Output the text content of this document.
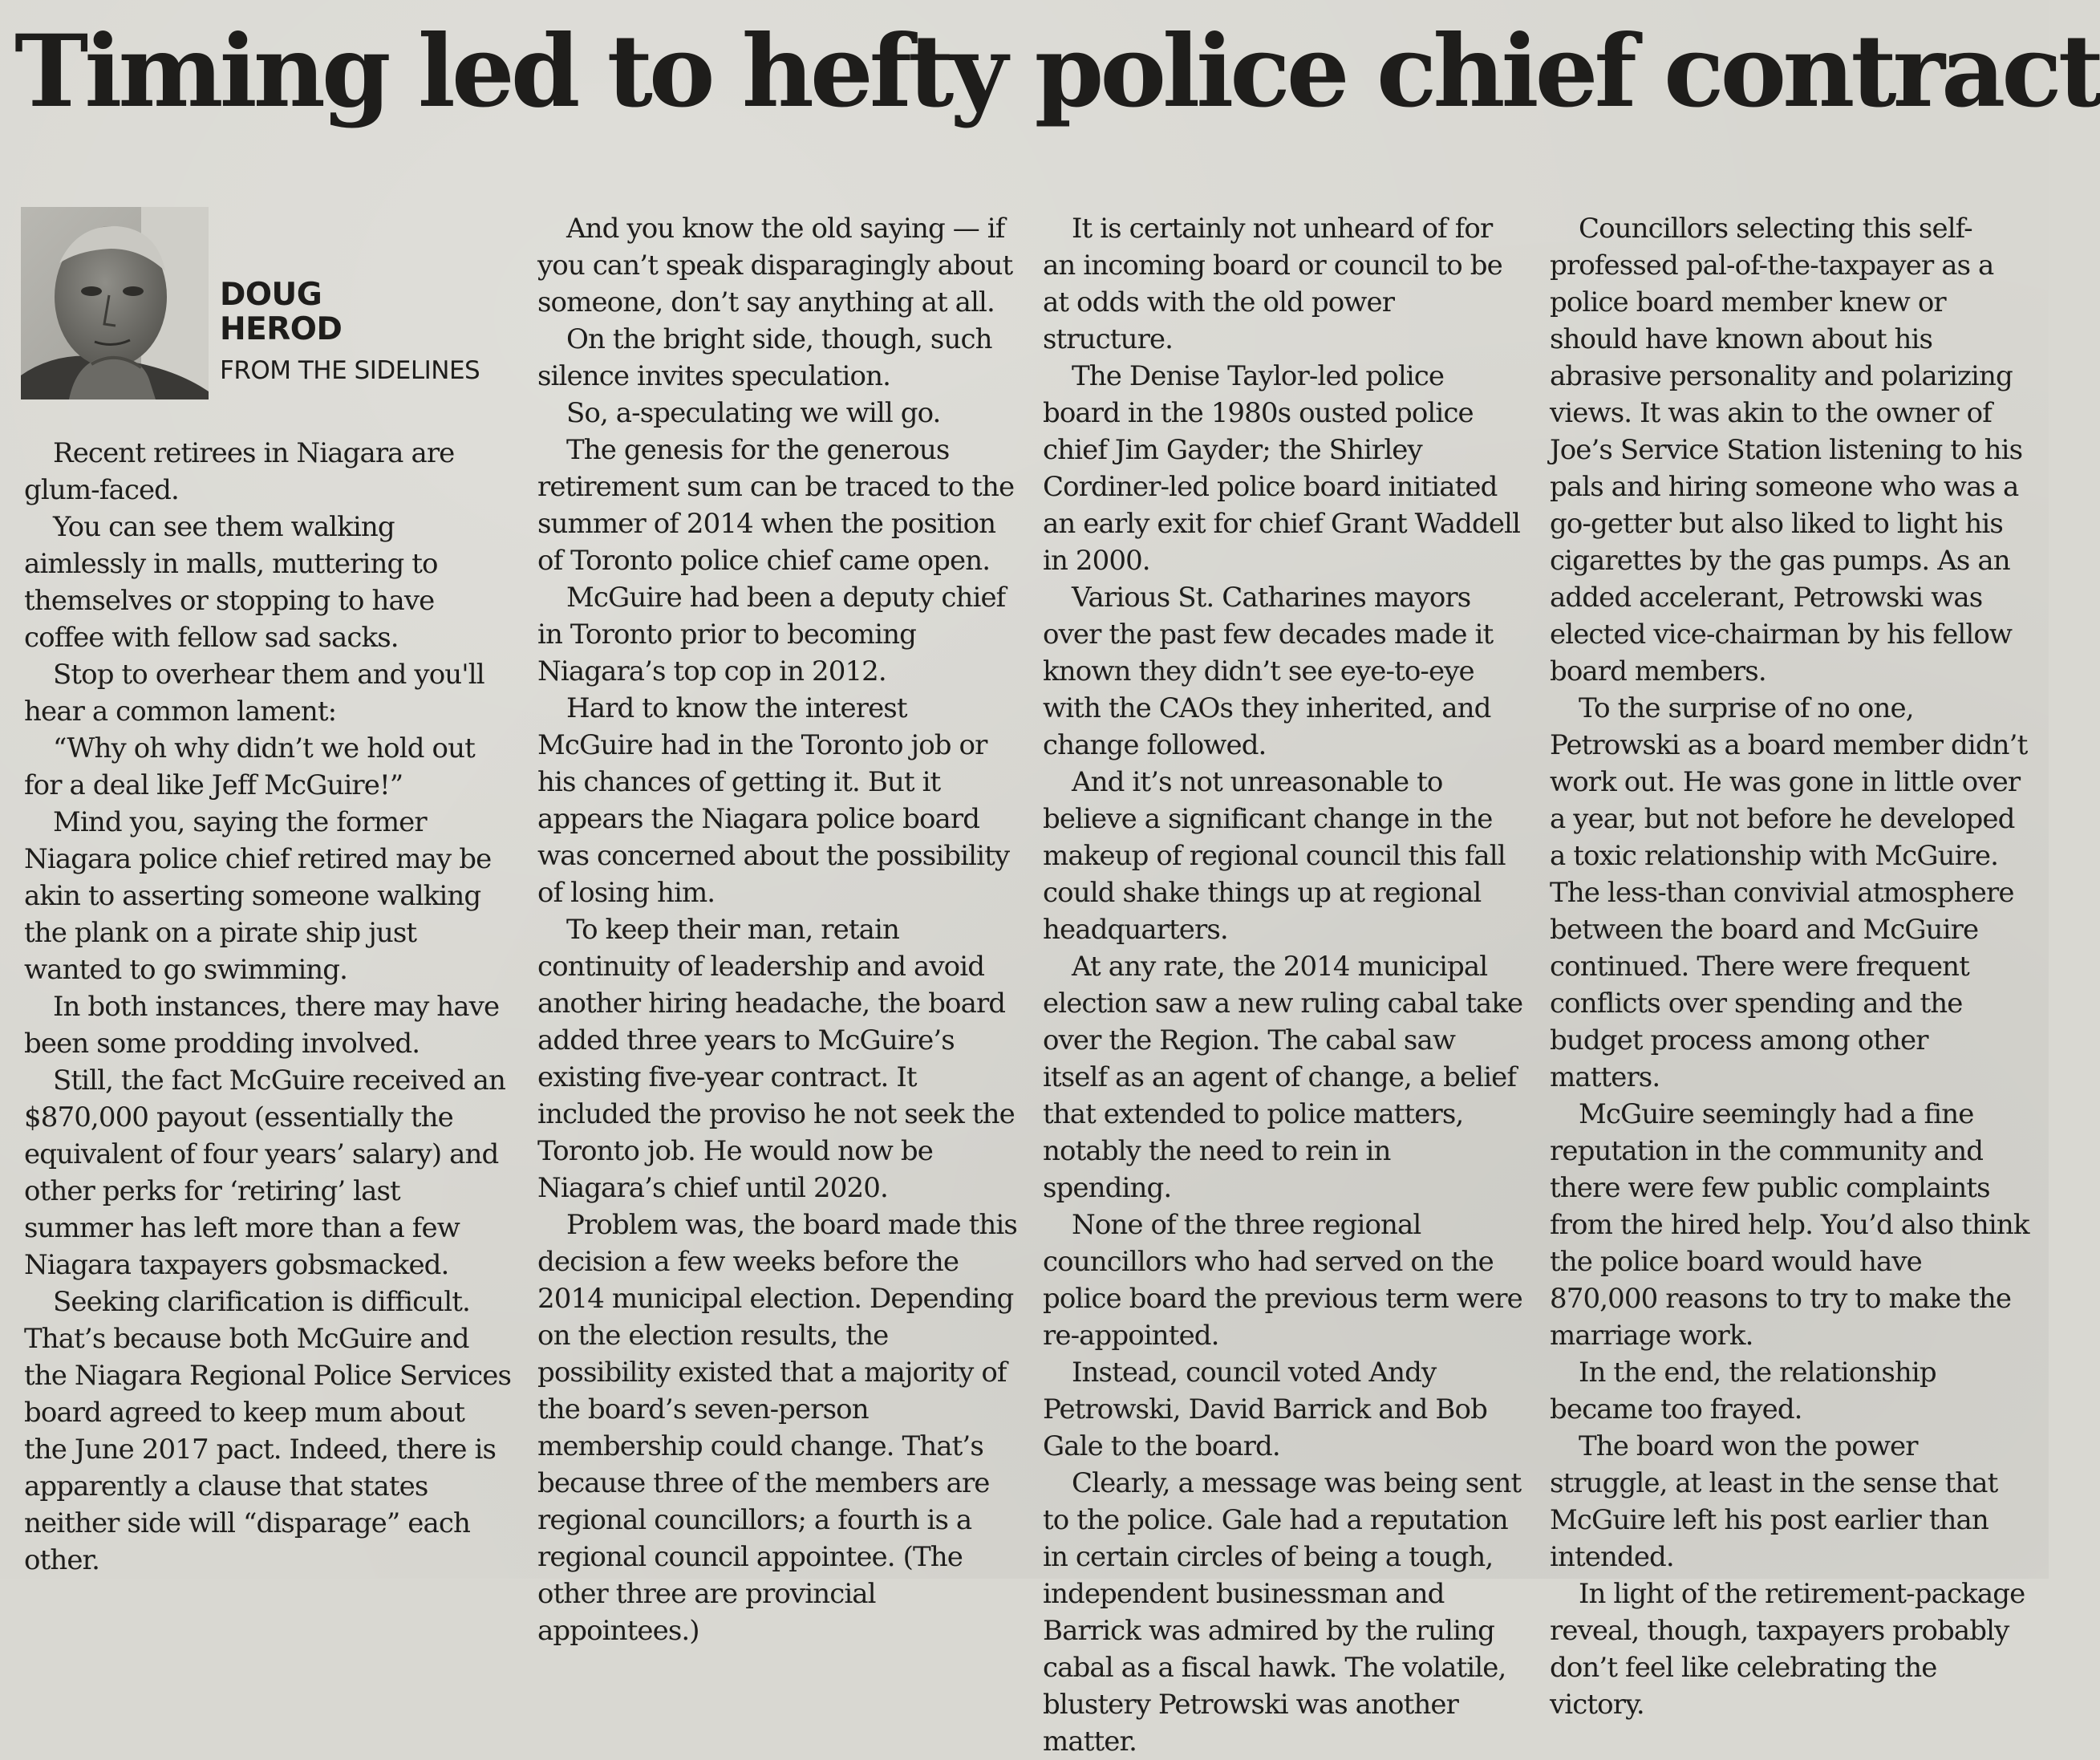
Timing led to hefty police chief contract
DOUG
HEROD
FROM THE SIDELINES

Recent retirees in Niagara are glum-faced.

You can see them walking aimlessly in malls, muttering to themselves or stopping to have coffee with fellow sad sacks.

Stop to overhear them and you'll hear a common lament:

“Why oh why didn’t we hold out for a deal like Jeff McGuire!”

Mind you, saying the former Niagara police chief retired may be akin to asserting someone walking the plank on a pirate ship just wanted to go swimming.

In both instances, there may have been some prodding involved.

Still, the fact McGuire received an $870,000 payout (essentially the equivalent of four years’ salary) and other perks for ‘retiring’ last summer has left more than a few Niagara taxpayers gobsmacked.

Seeking clarification is difficult. That’s because both McGuire and the Niagara Regional Police Services board agreed to keep mum about the June 2017 pact. Indeed, there is apparently a clause that states neither side will “disparage” each other.

And you know the old saying — if you can’t speak disparagingly about someone, don’t say anything at all.

On the bright side, though, such silence invites speculation.

So, a-speculating we will go.

The genesis for the generous retirement sum can be traced to the summer of 2014 when the position of Toronto police chief came open.

McGuire had been a deputy chief in Toronto prior to becoming Niagara’s top cop in 2012.

Hard to know the interest McGuire had in the Toronto job or his chances of getting it. But it appears the Niagara police board was concerned about the possibility of losing him.

To keep their man, retain continuity of leadership and avoid another hiring headache, the board added three years to McGuire’s existing five-year contract. It included the proviso he not seek the Toronto job. He would now be Niagara’s chief until 2020.

Problem was, the board made this decision a few weeks before the 2014 municipal election. Depending on the election results, the possibility existed that a majority of the board’s seven-person membership could change. That’s because three of the members are regional councillors; a fourth is a regional council appointee. (The other three are provincial appointees.)

It is certainly not unheard of for an incoming board or council to be at odds with the old power structure.

The Denise Taylor-led police board in the 1980s ousted police chief Jim Gayder; the Shirley Cordiner-led police board initiated an early exit for chief Grant Waddell in 2000.

Various St. Catharines mayors over the past few decades made it known they didn’t see eye-to-eye with the CAOs they inherited, and change followed.

And it’s not unreasonable to believe a significant change in the makeup of regional council this fall could shake things up at regional headquarters.

At any rate, the 2014 municipal election saw a new ruling cabal take over the Region. The cabal saw itself as an agent of change, a belief that extended to police matters, notably the need to rein in spending.

None of the three regional councillors who had served on the police board the previous term were re-appointed.

Instead, council voted Andy Petrowski, David Barrick and Bob Gale to the board.

Clearly, a message was being sent to the police. Gale had a reputation in certain circles of being a tough, independent businessman and Barrick was admired by the ruling cabal as a fiscal hawk. The volatile, blustery Petrowski was another matter.

Councillors selecting this self-professed pal-of-the-taxpayer as a police board member knew or should have known about his abrasive personality and polarizing views. It was akin to the owner of Joe’s Service Station listening to his pals and hiring someone who was a go-getter but also liked to light his cigarettes by the gas pumps. As an added accelerant, Petrowski was elected vice-chairman by his fellow board members.

To the surprise of no one, Petrowski as a board member didn’t work out. He was gone in little over a year, but not before he developed a toxic relationship with McGuire. The less-than convivial atmosphere between the board and McGuire continued. There were frequent conflicts over spending and the budget process among other matters.

McGuire seemingly had a fine reputation in the community and there were few public complaints from the hired help. You’d also think the police board would have 870,000 reasons to try to make the marriage work.

In the end, the relationship became too frayed.

The board won the power struggle, at least in the sense that McGuire left his post earlier than intended.

In light of the retirement-package reveal, though, taxpayers probably don’t feel like celebrating the victory.
